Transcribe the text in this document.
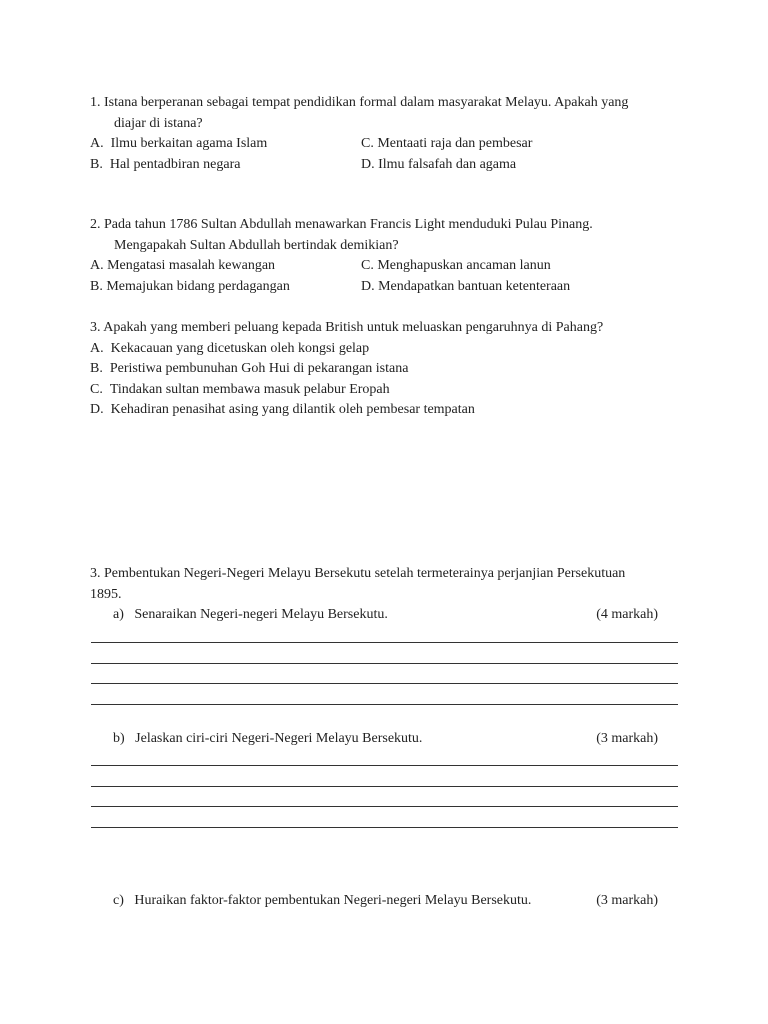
1. Istana berperanan sebagai tempat pendidikan formal dalam masyarakat Melayu. Apakah yang
diajar di istana?
A.  Ilmu berkaitan agama Islam	C. Mentaati raja dan pembesar
B.  Hal pentadbiran negara	D. Ilmu falsafah dan agama
2. Pada tahun 1786 Sultan Abdullah menawarkan Francis Light menduduki Pulau Pinang.
Mengapakah Sultan Abdullah bertindak demikian?
A. Mengatasi masalah kewangan	C. Menghapuskan ancaman lanun
B. Memajukan bidang perdagangan	D. Mendapatkan bantuan ketenteraan
3. Apakah yang memberi peluang kepada British untuk meluaskan pengaruhnya di Pahang?
A.  Kekacauan yang dicetuskan oleh kongsi gelap
B.  Peristiwa pembunuhan Goh Hui di pekarangan istana
C.  Tindakan sultan membawa masuk pelabur Eropah
D.  Kehadiran penasihat asing yang dilantik oleh pembesar tempatan
3. Pembentukan Negeri-Negeri Melayu Bersekutu setelah termeterainya perjanjian Persekutuan
1895.
a)   Senaraikan Negeri-negeri Melayu Bersekutu.	(4 markah)
b)   Jelaskan ciri-ciri Negeri-Negeri Melayu Bersekutu.	(3 markah)
c)   Huraikan faktor-faktor pembentukan Negeri-negeri Melayu Bersekutu.	(3 markah)
